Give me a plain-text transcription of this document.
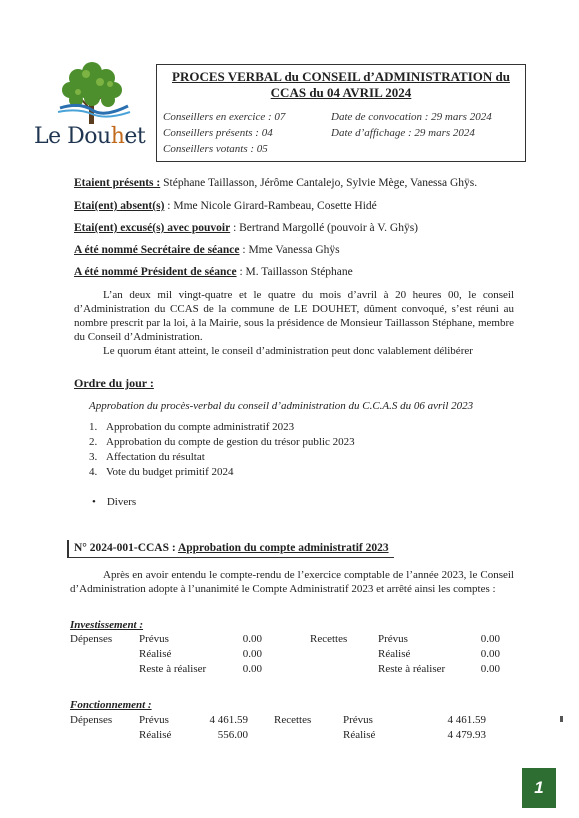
Le Douhet
PROCES VERBAL du CONSEIL d’ADMINISTRATION du
CCAS du 04 AVRIL 2024
Conseillers en exercice : 07
Conseillers présents : 04
Conseillers votants : 05
Date de convocation : 29 mars 2024
Date d’affichage : 29 mars 2024
Etaient présents : Stéphane Taillasson, Jérôme Cantalejo, Sylvie Mège, Vanessa Ghÿs.
Etai(ent) absent(s) : Mme Nicole Girard-Rambeau, Cosette Hidé
Etai(ent) excusé(s) avec pouvoir : Bertrand Margollé (pouvoir à V. Ghÿs)
A été nommé Secrétaire de séance : Mme Vanessa Ghÿs
A été nommé Président de séance : M. Taillasson Stéphane

L’an deux mil vingt-quatre et le quatre du mois d’avril à 20 heures 00, le conseil d’Administration du CCAS de la commune de LE DOUHET, dûment convoqué, s’est réuni au nombre prescrit par la loi, à la Mairie, sous la présidence de Monsieur Taillasson Stéphane, membre du Conseil d’Administration.

Le quorum étant atteint, le conseil d’administration peut donc valablement délibérer

Ordre du jour :
Approbation du procès-verbal du conseil d’administration du C.C.A.S du 06 avril 2023
1. Approbation du compte administratif 2023
2. Approbation du compte de gestion du trésor public 2023
3. Affectation du résultat
4. Vote du budget primitif 2024
• Divers
N° 2024-001-CCAS : Approbation du compte administratif 2023

Après en avoir entendu le compte-rendu de l’exercice comptable de l’année 2023, le Conseil d’Administration adopte à l’unanimité le Compte Administratif 2023 et arrêté ainsi les comptes :

Investissement :
Dépenses Prévus
Réalisé
Reste à réaliser
0.00
0.00
0.00
Recettes	Prévus
Réalisé
Reste à réaliser
0.00
0.00
0.00
Fonctionnement :
Dépenses Prévus
Réalisé
4 461.59
556.00
Recettes	Prévus
Réalisé
4 461.59
4 479.93
1
